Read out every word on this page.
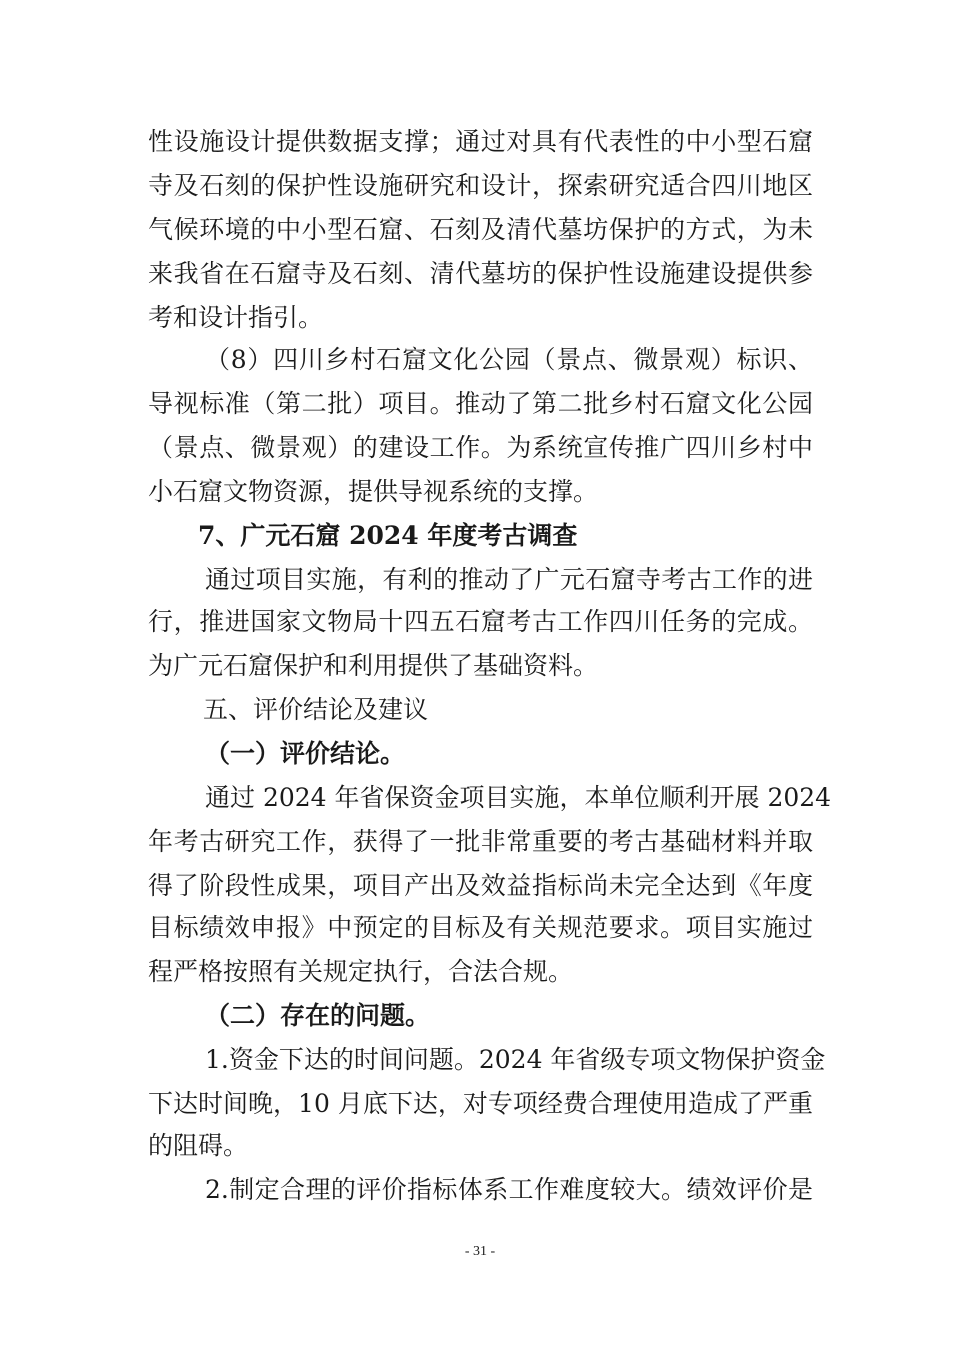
性设施设计提供数据支撑；通过对具有代表性的中小型石窟
寺及石刻的保护性设施研究和设计，探索研究适合四川地区
气候环境的中小型石窟、石刻及清代墓坊保护的方式，为未
来我省在石窟寺及石刻、清代墓坊的保护性设施建设提供参
考和设计指引。
（8）四川乡村石窟文化公园（景点、微景观）标识、
导视标准（第二批）项目。推动了第二批乡村石窟文化公园
（景点、微景观）的建设工作。为系统宣传推广四川乡村中
小石窟文物资源，提供导视系统的支撑。
7、广元石窟 2024 年度考古调查
通过项目实施，有利的推动了广元石窟寺考古工作的进
行，推进国家文物局十四五石窟考古工作四川任务的完成。
为广元石窟保护和利用提供了基础资料。
五、评价结论及建议
（一）评价结论。
通过 2024 年省保资金项目实施，本单位顺利开展 2024
年考古研究工作，获得了一批非常重要的考古基础材料并取
得了阶段性成果，项目产出及效益指标尚未完全达到《年度
目标绩效申报》中预定的目标及有关规范要求。项目实施过
程严格按照有关规定执行，合法合规。
（二）存在的问题。
1.资金下达的时间问题。2024 年省级专项文物保护资金
下达时间晚，10 月底下达，对专项经费合理使用造成了严重
的阻碍。
2.制定合理的评价指标体系工作难度较大。绩效评价是
- 31 -
